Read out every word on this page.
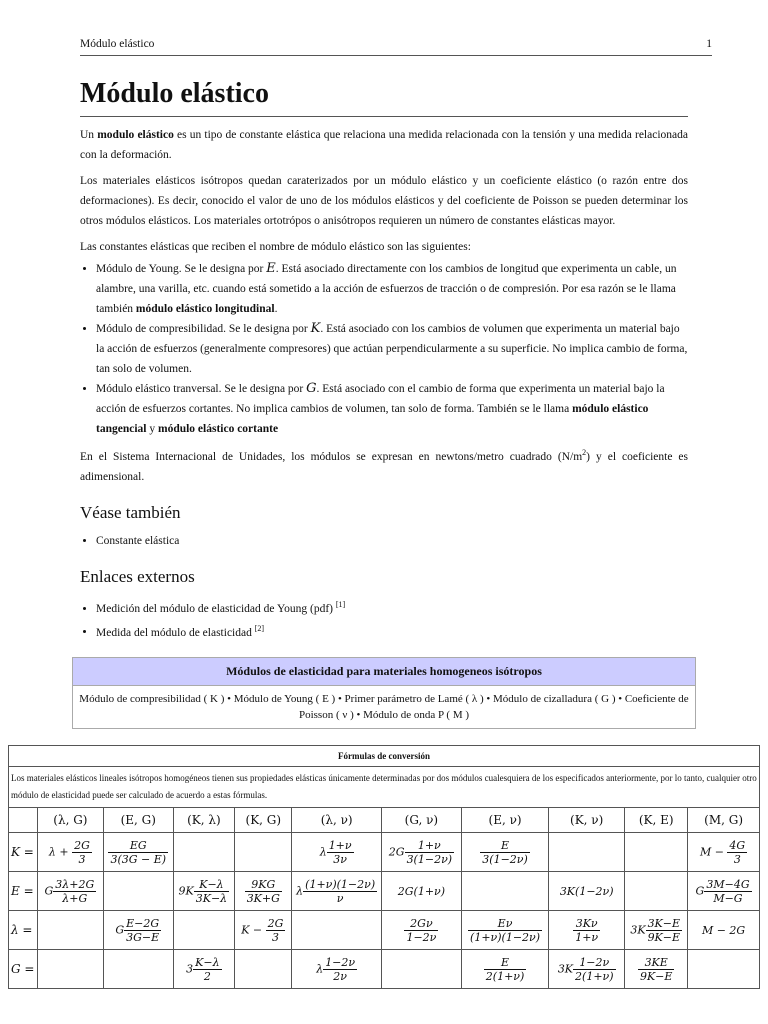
Módulo elástico	1
Módulo elástico

Un modulo elástico es un tipo de constante elástica que relaciona una medida relacionada con la tensión y una medida relacionada con la deformación.

Los materiales elásticos isótropos quedan caraterizados por un módulo elástico y un coeficiente elástico (o razón entre dos deformaciones). Es decir, conocido el valor de uno de los módulos elásticos y del coeficiente de Poisson se pueden determinar los otros módulos elásticos. Los materiales ortotrópos o anisótropos requieren un número de constantes elásticas mayor.

Las constantes elásticas que reciben el nombre de módulo elástico son las siguientes:

• Módulo de Young. Se le designa por E. Está asociado directamente con los cambios de longitud que experimenta un cable, un alambre, una varilla, etc. cuando está sometido a la acción de esfuerzos de tracción o de compresión. Por esa razón se le llama también módulo elástico longitudinal.
• Módulo de compresibilidad. Se le designa por K. Está asociado con los cambios de volumen que experimenta un material bajo la acción de esfuerzos (generalmente compresores) que actúan perpendicularmente a su superficie. No implica cambio de forma, tan solo de volumen.
• Módulo elástico tranversal. Se le designa por G. Está asociado con el cambio de forma que experimenta un material bajo la acción de esfuerzos cortantes. No implica cambios de volumen, tan solo de forma. También se le llama módulo elástico tangencial y módulo elástico cortante

En el Sistema Internacional de Unidades, los módulos se expresan en newtons/metro cuadrado $(N/m^2)$ y el coeficiente es adimensional.

Véase también
• Constante elástica
Enlaces externos
• Medición del módulo de elasticidad de Young (pdf) [1]
• Medida del módulo de elasticidad [2]
Módulos de elasticidad para materiales homogeneos isótropos
Módulo de compresibilidad ( K ) • Módulo de Young ( E ) • Primer parámetro de Lamé ( λ ) • Módulo de cizalladura ( G ) • Coeficiente de Poisson ( ν ) • Módulo de onda P ( M )
Fórmulas de conversión										
Los materiales elásticos lineales isótropos homogéneos tienen sus propiedades elásticas únicamente determinadas por dos módulos cualesquiera de los especificados anteriormente, por lo tanto, cualquier otro módulo de elasticidad puede ser calculado de acuerdo a estas fórmulas.										
	(λ, G)	(E, G)	(K, λ)	(K, G)	(λ, ν)	(G, ν)	(E, ν)	(K, ν)	(K, E)	(M, G)
K =	$\lambda + \frac{2G}{3}$	$\frac{EG}{3(3G - E)}$			λ $\frac{1+\nu}{3\nu}$	$2G \frac{1+\nu}{3(1-2\nu)}$	$\frac{E}{3(1-2\nu)}$			$M - \frac{4G}{3}$

E =	G $\frac{3\lambda+2G}{\lambda+G}$		$9K \frac{K-\lambda}{3K-\lambda}$	$\frac{9KG}{3K+G}$	λ $\frac{(1+\nu)(1-2\nu)}{\nu}$	2G(1+ν)		3K(1−2ν)		G $\frac{3M-4G}{M-G}$

λ =		G $\frac{E-2G}{3G-E}$		$K - \frac{2G}{3}$		$\frac{2G\nu}{1-2\nu}$	$\frac{E\nu}{(1+\nu)(1-2\nu)}$	$\frac{3K\nu}{1+\nu}$	$3K \frac{3K-E}{9K-E}$	M − 2G
G =			$3 \frac{K-\lambda}{2}$		λ $\frac{1-2\nu}{2\nu}$		$\frac{E}{2(1+\nu)}$	$3K \frac{1-2\nu}{2(1+\nu)}$	$\frac{3KE}{9K-E}$
